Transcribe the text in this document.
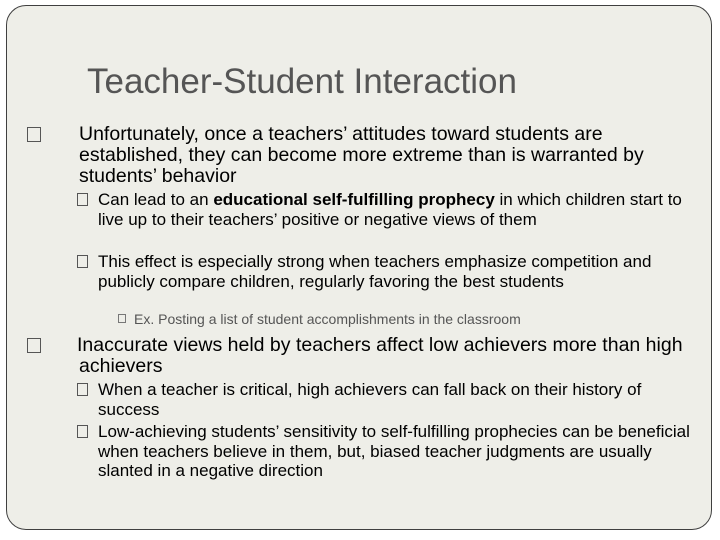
Teacher-Student Interaction
Unfortunately, once a teachers’ attitudes toward students are established, they can become more extreme than is warranted by students’ behavior
Can lead to an educational self-fulfilling prophecy in which children start to live up to their teachers’ positive or negative views of them
This effect is especially strong when teachers emphasize competition and publicly compare children, regularly favoring the best students
Ex. Posting a list of student accomplishments in the classroom
Inaccurate views held by teachers affect low achievers more than high achievers
When a teacher is critical, high achievers can fall back on their history of success
Low-achieving students’ sensitivity to self-fulfilling prophecies can be beneficial when teachers believe in them, but, biased teacher judgments are usually slanted in a negative direction
